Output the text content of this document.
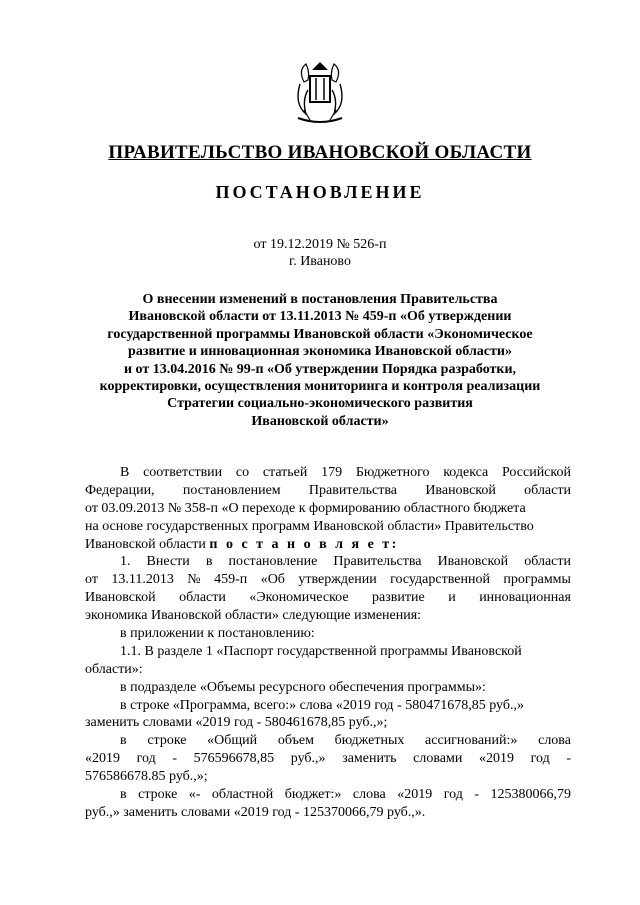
ПРАВИТЕЛЬСТВО ИВАНОВСКОЙ ОБЛАСТИ
ПОСТАНОВЛЕНИЕ
от 19.12.2019 № 526-п
г. Иваново
О внесении изменений в постановления Правительства
Ивановской области от 13.11.2013 № 459-п «Об утверждении
государственной программы Ивановской области «Экономическое
развитие и инновационная экономика Ивановской области»
и от 13.04.2016 № 99-п «Об утверждении Порядка разработки,
корректировки, осуществления мониторинга и контроля реализации
Стратегии социально-экономического развития
Ивановской области»
В соответствии со статьей 179 Бюджетного кодекса Российской
Федерации, постановлением Правительства Ивановской области
от 03.09.2013 № 358-п «О переходе к формированию областного бюджета
на основе государственных программ Ивановской области» Правительство
Ивановской области п о с т а н о в л я е т:
1. Внести в постановление Правительства Ивановской области
от 13.11.2013 № 459-п «Об утверждении государственной программы
Ивановской области «Экономическое развитие и инновационная
экономика Ивановской области» следующие изменения:
в приложении к постановлению:
1.1. В разделе 1 «Паспорт государственной программы Ивановской
области»:
в подразделе «Объемы ресурсного обеспечения программы»:
в строке «Программа, всего:» слова «2019 год - 580471678,85 руб.,»
заменить словами «2019 год - 580461678,85 руб.,»;
в строке «Общий объем бюджетных ассигнований:» слова
«2019 год - 576596678,85 руб.,» заменить словами «2019 год -
576586678.85 руб.,»;
в строке «- областной бюджет:» слова «2019 год - 125380066,79
руб.,» заменить словами «2019 год - 125370066,79 руб.,».
